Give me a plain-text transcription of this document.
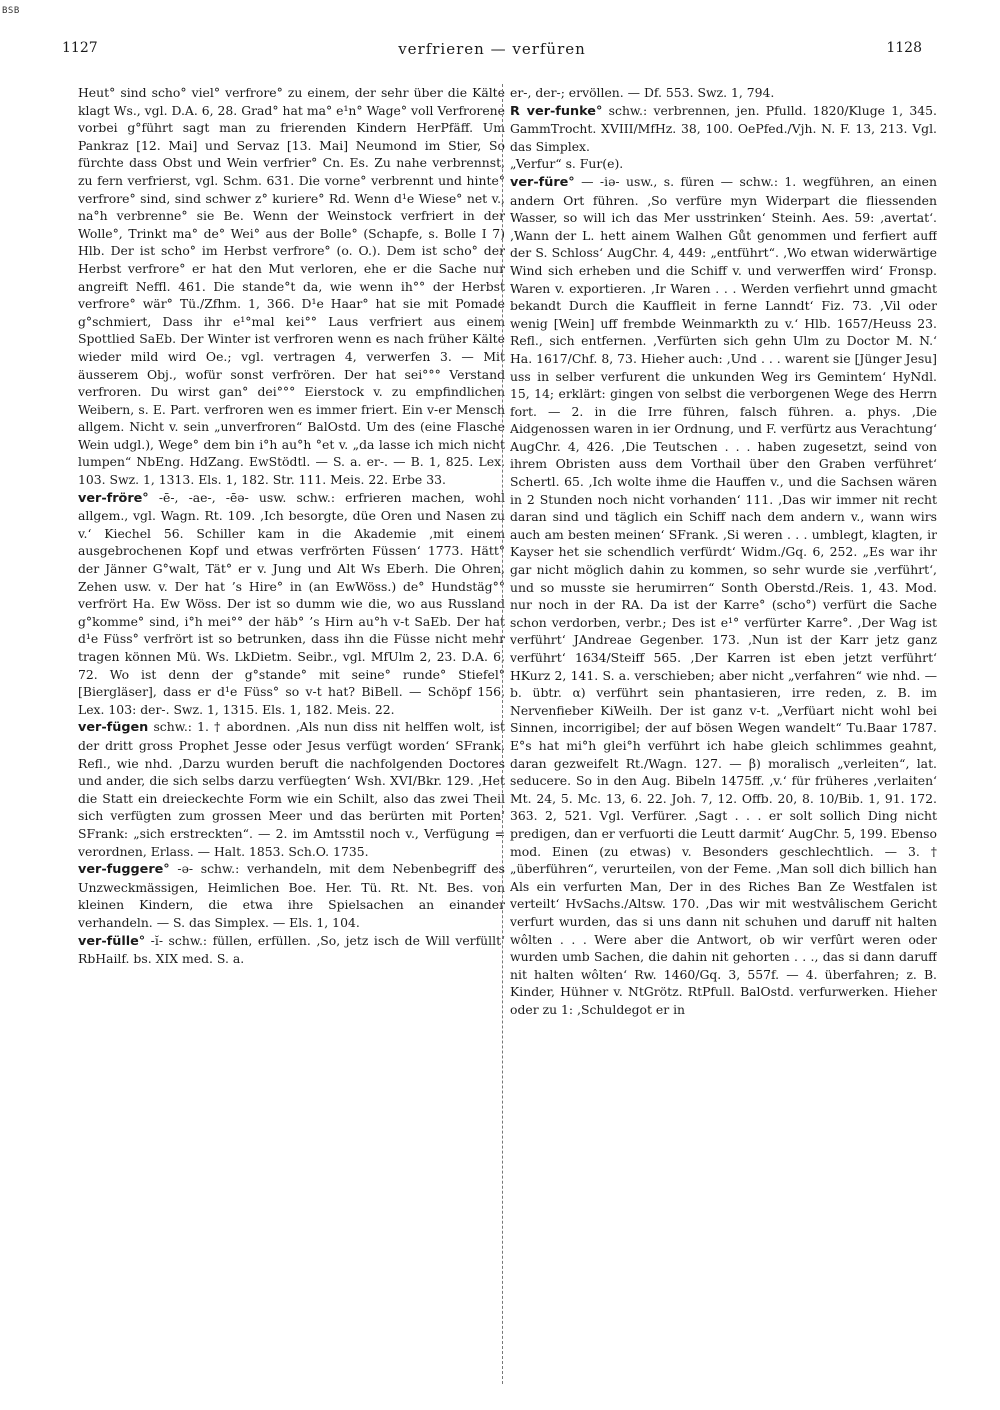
BSB
1127	verfrieren — verfüren	1128

Heut° sind scho° viel° verfrore° zu einem, der sehr über die Kälte klagt Ws., vgl. D.A. 6, 28. Grad° hat ma° e¹n° Wage° voll Verfrorene vorbei g°führt sagt man zu frierenden Kindern HerPfäff. Um Pankraz [12. Mai] und Servaz [13. Mai] Neumond im Stier, So fürchte dass Obst und Wein verfrier° Cn. Es. Zu nahe verbrennst, zu fern verfrierst, vgl. Schm. 631. Die vorne° verbrennt und hinte° verfrore° sind, sind schwer z° kuriere° Rd. Wenn d¹e Wiese° net v., na°h verbrenne° sie Be. Wenn der Weinstock verfriert in der Wolle°, Trinkt ma° de° Wei° aus der Bolle° (Schapfe, s. Bolle I 7) Hlb. Der ist scho° im Herbst verfrore° (o. O.). Dem ist scho° der Herbst verfrore° er hat den Mut verloren, ehe er die Sache nur angreift Neffl. 461. Die stande°t da, wie wenn ih°° der Herbst verfrore° wär° Tü./Zfhm. 1, 366. D¹e Haar° hat sie mit Pomade g°schmiert, Dass ihr e¹°mal kei°° Laus verfriert aus einem Spottlied SaEb. Der Winter ist verfroren wenn es nach früher Kälte wieder mild wird Oe.; vgl. vertragen 4, verwerfen 3. — Mit äusserem Obj., wofür sonst verfrören. Der hat sei°°° Verstand verfroren. Du wirst gan° dei°°° Eierstock v. zu empfindlichen Weibern, s. E. Part. verfroren wen es immer friert. Ein v-er Mensch allgem. Nicht v. sein „unverfroren“ BalOstd. Um des (eine Flasche Wein udgl.), Wege° dem bin i°h au°h °et v. „da lasse ich mich nicht lumpen“ NbEng. HdZang. EwStödtl. — S. a. er-. — B. 1, 825. Lex. 103. Swz. 1, 1313. Els. 1, 182. Str. 111. Meis. 22. Erbe 33.

ver-fröre° -ē-, -ae-, -ēə- usw. schw.: erfrieren machen, wohl allgem., vgl. Wagn. Rt. 109. ‚Ich besorgte, düe Oren und Nasen zu v.‘ Kiechel 56. Schiller kam in die Akademie ‚mit einem ausgebrochenen Kopf und etwas verfrörten Füssen‘ 1773. Hätt° der Jänner G°walt, Tät° er v. Jung und Alt Ws Eberh. Die Ohren, Zehen usw. v. Der hat ’s Hire° in (an EwWöss.) de° Hundstäg°° verfrört Ha. Ew Wöss. Der ist so dumm wie die, wo aus Russland g°komme° sind, i°h mei°° der häb° ’s Hirn au°h v-t SaEb. Der hat d¹e Füss° verfrört ist so betrunken, dass ihn die Füsse nicht mehr tragen können Mü. Ws. LkDietm. Seibr., vgl. MfUlm 2, 23. D.A. 6, 72. Wo ist denn der g°stande° mit seine° runde° Stiefel° [Biergläser], dass er d¹e Füss° so v-t hat? BiBell. — Schöpf 156, Lex. 103: der-. Swz. 1, 1315. Els. 1, 182. Meis. 22.

ver-fügen schw.: 1. † abordnen. ‚Als nun diss nit helffen wolt, ist der dritt gross Prophet Jesse oder Jesus verfügt worden‘ SFrank. Refl., wie nhd. ‚Darzu wurden beruft die nachfolgenden Doctores und ander, die sich selbs darzu verfüegten‘ Wsh. XVI/Bkr. 129. ‚Het die Statt ein dreieckechte Form wie ein Schilt, also das zwei Theil sich verfügten zum grossen Meer und das berürten mit Porten‘ SFrank: „sich erstreckten“. — 2. im Amtsstil noch v., Verfügung = verordnen, Erlass. — Halt. 1853. Sch.O. 1735.

ver-fuggere° -ǝ- schw.: verhandeln, mit dem Nebenbegriff des Unzweckmässigen, Heimlichen Boe. Her. Tü. Rt. Nt. Bes. von kleinen Kindern, die etwa ihre Spielsachen an einander verhandeln. — S. das Simplex. — Els. 1, 104.

ver-fülle° -ĭ- schw.: füllen, erfüllen. ‚So, jetz isch de Will verfüllt‘ RbHailf. bs. XIX med. S. a.

er-, der-; ervöllen. — Df. 553. Swz. 1, 794.

R ver-funke° schw.: verbrennen, jen. Pfulld. 1820/Kluge 1, 345. GammTrocht. XVIII/MfHz. 38, 100. OePfed./Vjh. N. F. 13, 213. Vgl. das Simplex.

„Verfur“ s. Fur(e).

ver-füre° — -iə- usw., s. füren — schw.: 1. wegführen, an einen andern Ort führen. ‚So verfüre myn Widerpart die fliessenden Wasser, so will ich das Mer usstrinken‘ Steinh. Aes. 59: ‚avertat‘. ‚Wann der L. hett ainem Walhen Gůt genommen und ferfiert auff der S. Schloss‘ AugChr. 4, 449: „entführt“. ‚Wo etwan widerwärtige Wind sich erheben und die Schiff v. und verwerffen wird‘ Fronsp. Waren v. exportieren. ‚Ir Waren . . . Werden verfiehrt unnd gmacht bekandt Durch die Kauffleit in ferne Lanndt‘ Fiz. 73. ‚Vil oder wenig [Wein] uff frembde Weinmarkth zu v.‘ Hlb. 1657/Heuss 23. Refl., sich entfernen. ‚Verfürten sich gehn Ulm zu Doctor M. N.‘ Ha. 1617/Chf. 8, 73. Hieher auch: ‚Und . . . warent sie [Jünger Jesu] uss in selber verfurent die unkunden Weg irs Gemintem‘ HyNdl. 15, 14; erklärt: gingen von selbst die verborgenen Wege des Herrn fort. — 2. in die Irre führen, falsch führen. a. phys. ‚Die Aidgenossen waren in ier Ordnung, und F. verfürtz aus Verachtung‘ AugChr. 4, 426. ‚Die Teutschen . . . haben zugesetzt, seind von ihrem Obristen auss dem Vorthail über den Graben verführet‘ Schertl. 65. ‚Ich wolte ihme die Hauffen v., und die Sachsen wären in 2 Stunden noch nicht vorhanden‘ 111. ‚Das wir immer nit recht daran sind und täglich ein Schiff nach dem andern v., wann wirs auch am besten meinen‘ SFrank. ‚Si weren . . . umblegt, klagten, ir Kayser het sie schendlich verfürdt‘ Widm./Gq. 6, 252. „Es war ihr gar nicht möglich dahin zu kommen, so sehr wurde sie ‚verführt‘, und so musste sie herumirren“ Sonth Oberstd./Reis. 1, 43. Mod. nur noch in der RA. Da ist der Karre° (scho°) verfürt die Sache schon verdorben, verbr.; Des ist e¹° verfürter Karre°. ‚Der Wag ist verführt‘ JAndreae Gegenber. 173. ‚Nun ist der Karr jetz ganz verführt‘ 1634/Steiff 565. ‚Der Karren ist eben jetzt verführt‘ HKurz 2, 141. S. a. verschieben; aber nicht „verfahren“ wie nhd. — b. übtr. α) verführt sein phantasieren, irre reden, z. B. im Nervenfieber KiWeilh. Der ist ganz v-t. „Verfüart nicht wohl bei Sinnen, incorrigibel; der auf bösen Wegen wandelt“ Tu.Baar 1787. E°s hat mi°h glei°h verführt ich habe gleich schlimmes geahnt, daran gezweifelt Rt./Wagn. 127. — β) moralisch „verleiten“, lat. seducere. So in den Aug. Bibeln 1475ff. ‚v.‘ für früheres ‚verlaiten‘ Mt. 24, 5. Mc. 13, 6. 22. Joh. 7, 12. Offb. 20, 8. 10/Bib. 1, 91. 172. 363. 2, 521. Vgl. Verfürer. ‚Sagt . . . er solt sollich Ding nicht predigen, dan er verfuorti die Leutt darmit‘ AugChr. 5, 199. Ebenso mod. Einen (zu etwas) v. Besonders geschlechtlich. — 3. † „überführen“, verurteilen, von der Feme. ‚Man soll dich billich han Als ein verfurten Man, Der in des Riches Ban Ze Westfalen ist verteilt‘ HvSachs./Altsw. 170. ‚Das wir mit westvâlischem Gericht verfurt wurden, das si uns dann nit schuhen und daruff nit halten wôlten . . . Were aber die Antwort, ob wir verfûrt weren oder wurden umb Sachen, die dahin nit gehorten . . ., das si dann daruff nit halten wôlten‘ Rw. 1460/Gq. 3, 557f. — 4. überfahren; z. B. Kinder, Hühner v. NtGrötz. RtPfull. BalOstd. verfurwerken. Hieher oder zu 1: ‚Schuldegot er in
